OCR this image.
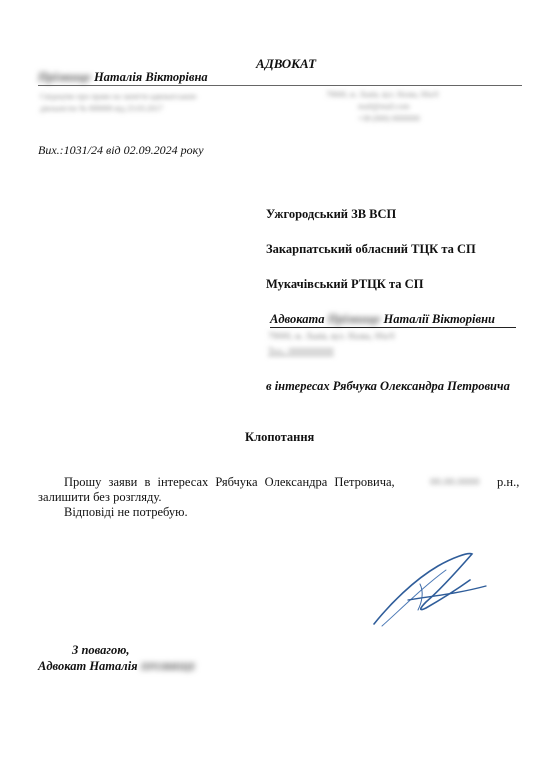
АДВОКАТ
Прізвище Наталія Вікторівна
Свідоцтво про право на заняття адвокатською
діяльністю № 000000 від 23.03.2017
79000, м. Львів, вул. Назва, 00а/0
mail@mail.com
+38 (000) 0000000
Вих.:1031/24 від 02.09.2024 року
Ужгородський ЗВ ВСП
Закарпатський обласний ТЦК та СП
Мукачівський РТЦК та СП
Адвоката Прізвище Наталії Вікторівни
79000, м. Львів, вул. Назва, 00а/0
Тел.: 0000000000
в інтересах Рябчука Олександра Петровича
Клопотання
Прошу заяви в інтересах Рябчука Олександра Петровича,	00.00.0000 р.н.,
залишити без розгляду.
Відповіді не потребую.
З повагою,
Адвокат Наталія ПРІЗВИЩЕ
